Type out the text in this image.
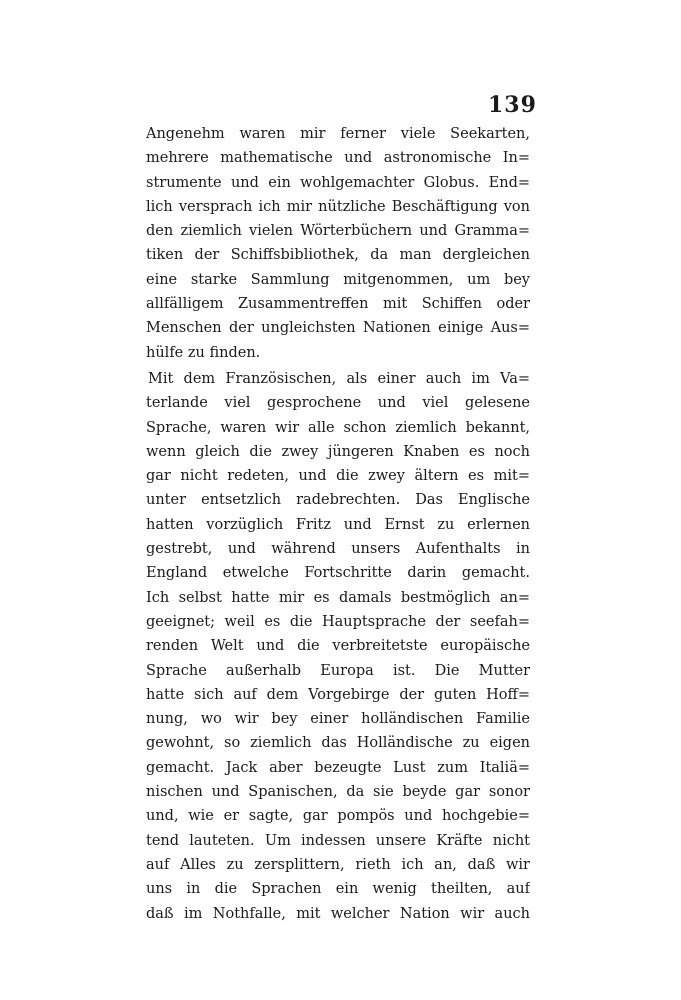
139
Angenehm waren mir ferner viele Seekarten,
mehrere mathematische und astronomische In=
strumente und ein wohlgemachter Globus. End=
lich versprach ich mir nützliche Beschäftigung von
den ziemlich vielen Wörterbüchern und Gramma=
tiken der Schiffsbibliothek, da man dergleichen
eine starke Sammlung mitgenommen, um bey
allfälligem Zusammentreffen mit Schiffen oder
Menschen der ungleichsten Nationen einige Aus=
hülfe zu finden.
Mit dem Französischen, als einer auch im Va=
terlande viel gesprochene und viel gelesene
Sprache, waren wir alle schon ziemlich bekannt,
wenn gleich die zwey jüngeren Knaben es noch
gar nicht redeten, und die zwey ältern es mit=
unter entsetzlich radebrechten. Das Englische
hatten vorzüglich Fritz und Ernst zu erlernen
gestrebt, und während unsers Aufenthalts in
England etwelche Fortschritte darin gemacht.
Ich selbst hatte mir es damals bestmöglich an=
geeignet; weil es die Hauptsprache der seefah=
renden Welt und die verbreitetste europäische
Sprache außerhalb Europa ist. Die Mutter
hatte sich auf dem Vorgebirge der guten Hoff=
nung, wo wir bey einer holländischen Familie
gewohnt, so ziemlich das Holländische zu eigen
gemacht. Jack aber bezeugte Lust zum Italiä=
nischen und Spanischen, da sie beyde gar sonor
und, wie er sagte, gar pompös und hochgebie=
tend lauteten. Um indessen unsere Kräfte nicht
auf Alles zu zersplittern, rieth ich an, daß wir
uns in die Sprachen ein wenig theilten, auf
daß im Nothfalle, mit welcher Nation wir auch
